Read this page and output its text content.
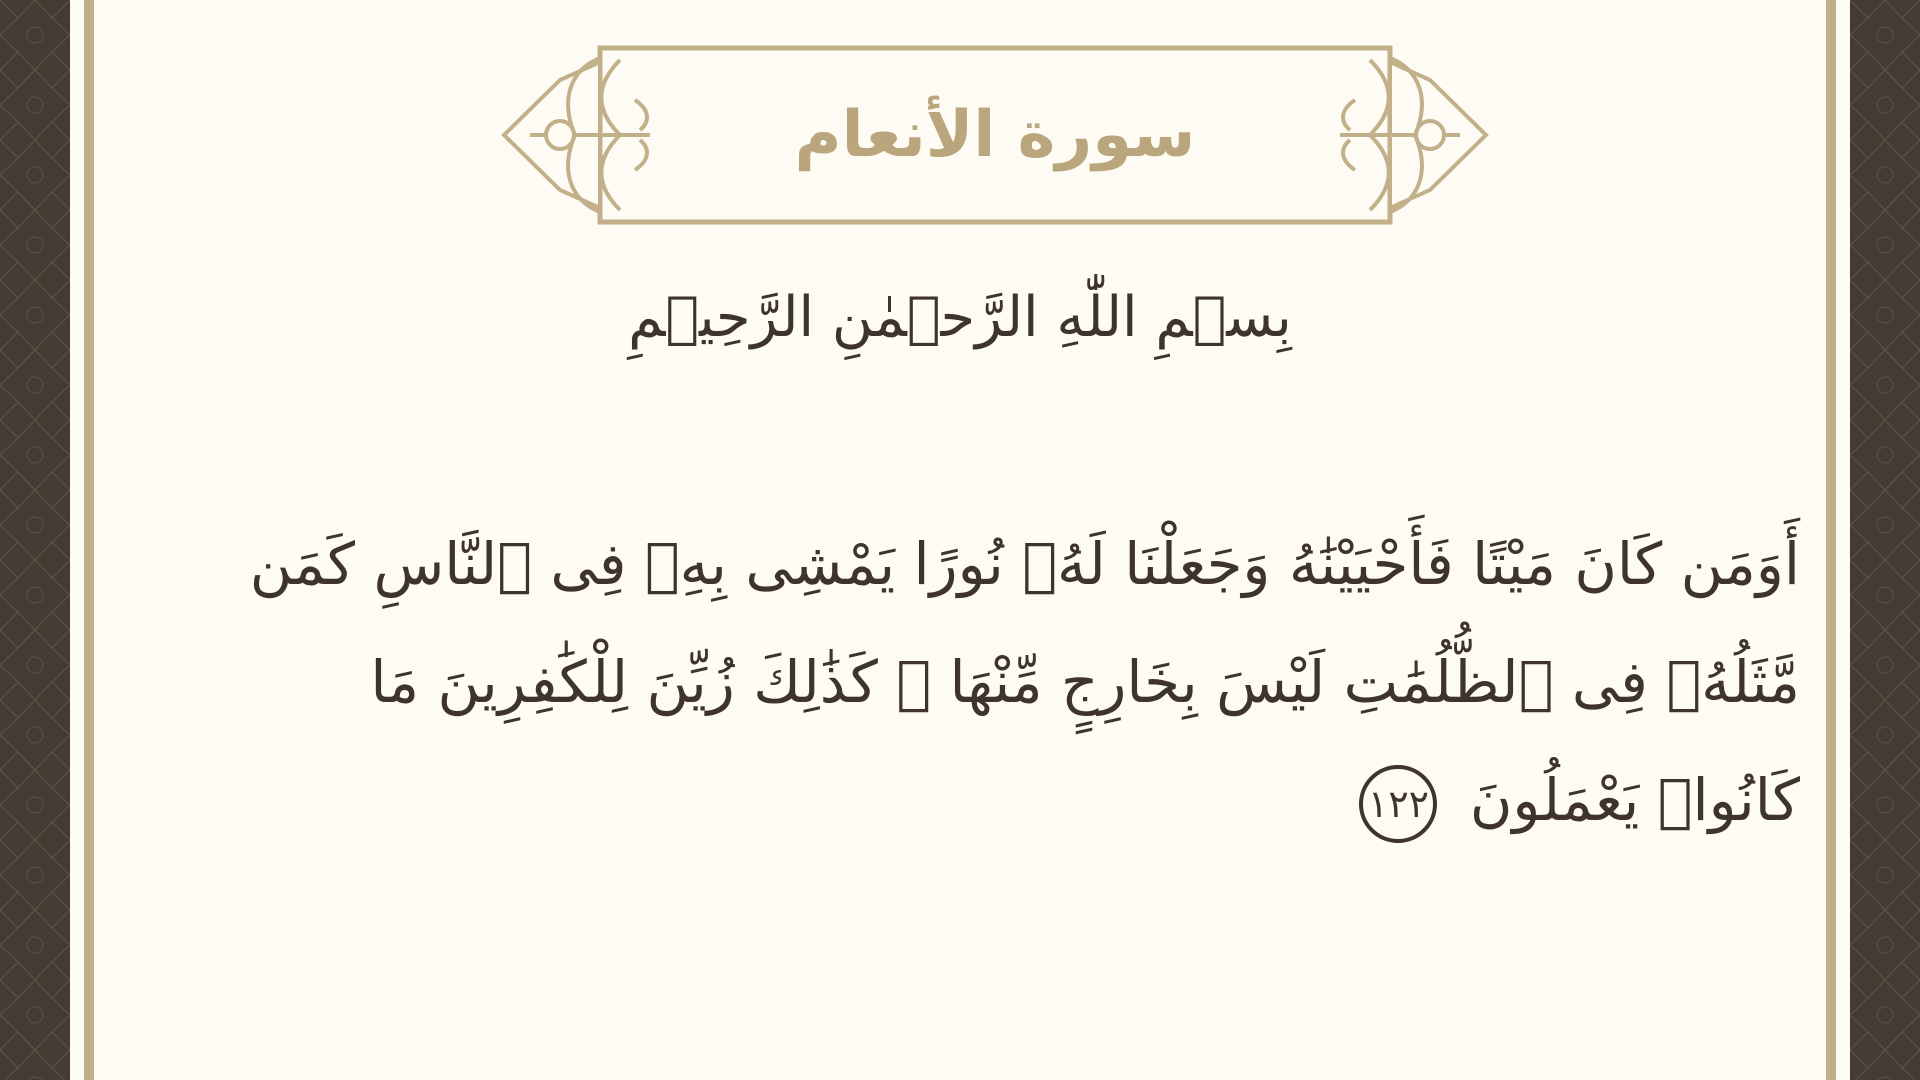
سورة الأنعام
بِسۡمِ اللّٰهِ الرَّحۡمٰنِ الرَّحِيۡمِ
أَوَمَن كَانَ مَيْتًا فَأَحْيَيْنَٰهُ وَجَعَلْنَا لَهُۥ نُورًا يَمْشِى بِهِۦ فِى ٱلنَّاسِ كَمَن مَّثَلُهُۥ فِى ٱلظُّلُمَٰتِ لَيْسَ بِخَارِجٍ مِّنْهَا ۚ كَذَٰلِكَ زُيِّنَ لِلْكَٰفِرِينَ مَا كَانُوا۟ يَعْمَلُونَ ١٢٢
